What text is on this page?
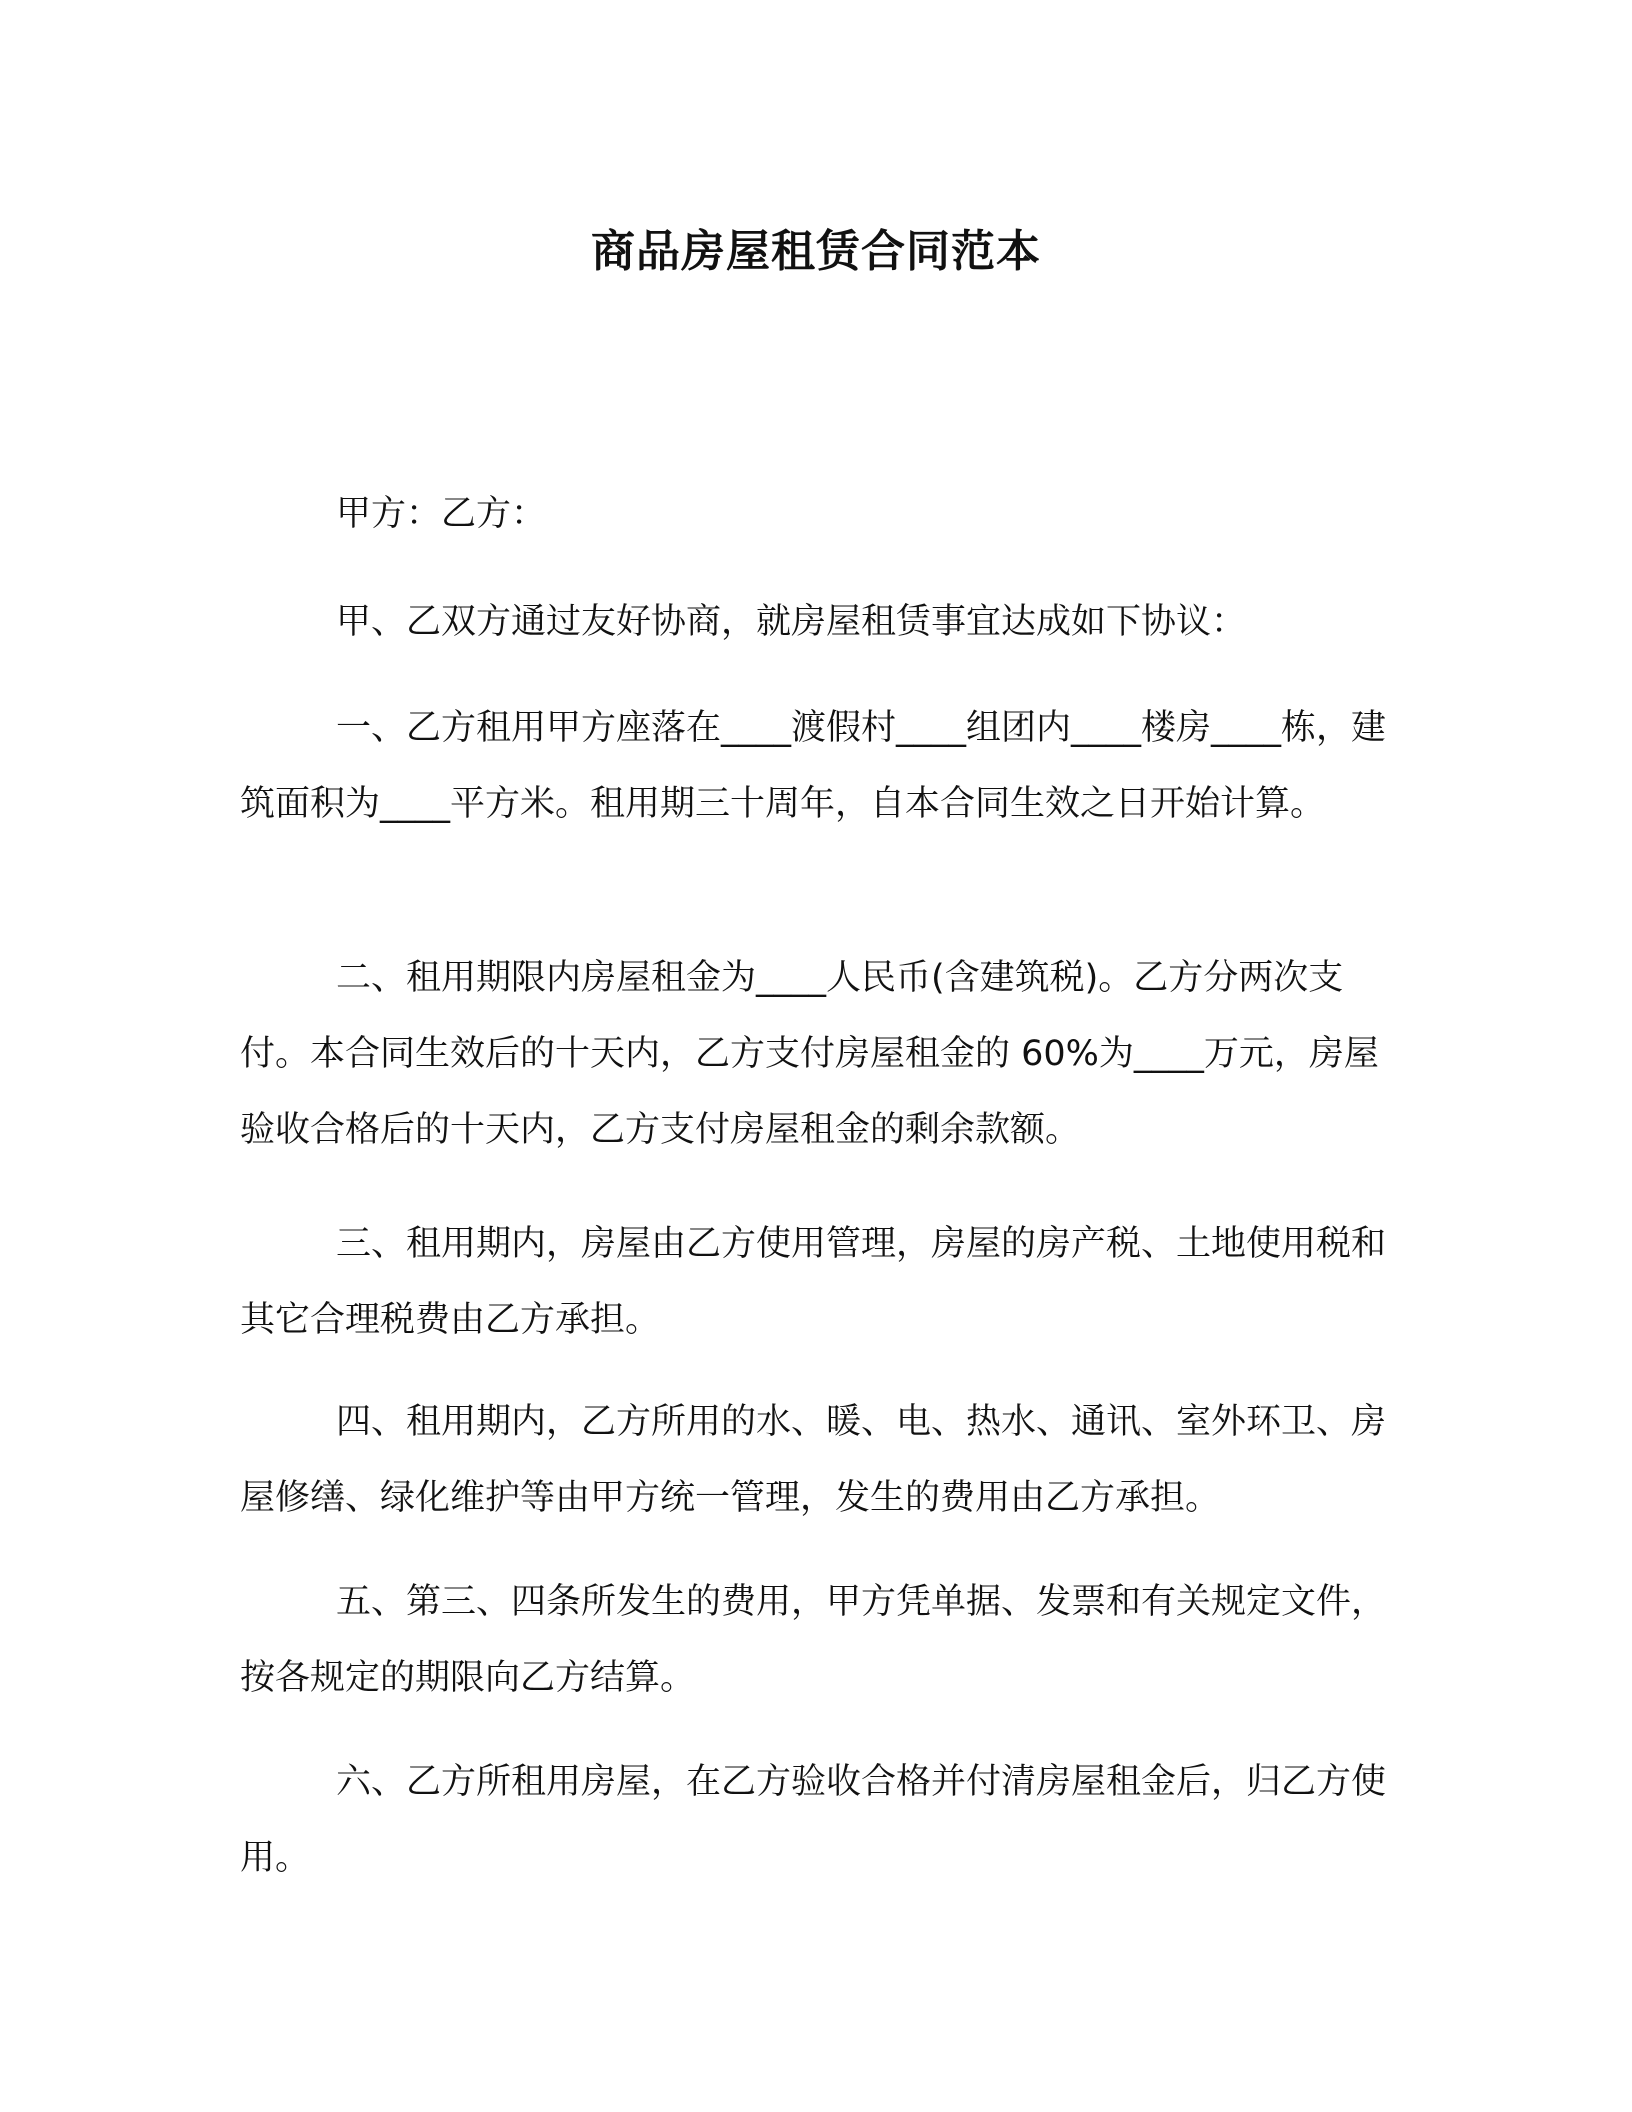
商品房屋租赁合同范本

甲方：乙方：

甲、乙双方通过友好协商，就房屋租赁事宜达成如下协议：

一、乙方租用甲方座落在____渡假村____组团内____楼房____栋，建筑面积为____平方米。租用期三十周年，自本合同生效之日开始计算。

二、租用期限内房屋租金为____人民币(含建筑税)。乙方分两次支付。本合同生效后的十天内，乙方支付房屋租金的 60%为____万元，房屋验收合格后的十天内，乙方支付房屋租金的剩余款额。

三、租用期内，房屋由乙方使用管理，房屋的房产税、土地使用税和其它合理税费由乙方承担。

四、租用期内，乙方所用的水、暖、电、热水、通讯、室外环卫、房屋修缮、绿化维护等由甲方统一管理，发生的费用由乙方承担。

五、第三、四条所发生的费用，甲方凭单据、发票和有关规定文件，按各规定的期限向乙方结算。

六、乙方所租用房屋，在乙方验收合格并付清房屋租金后，归乙方使用。
